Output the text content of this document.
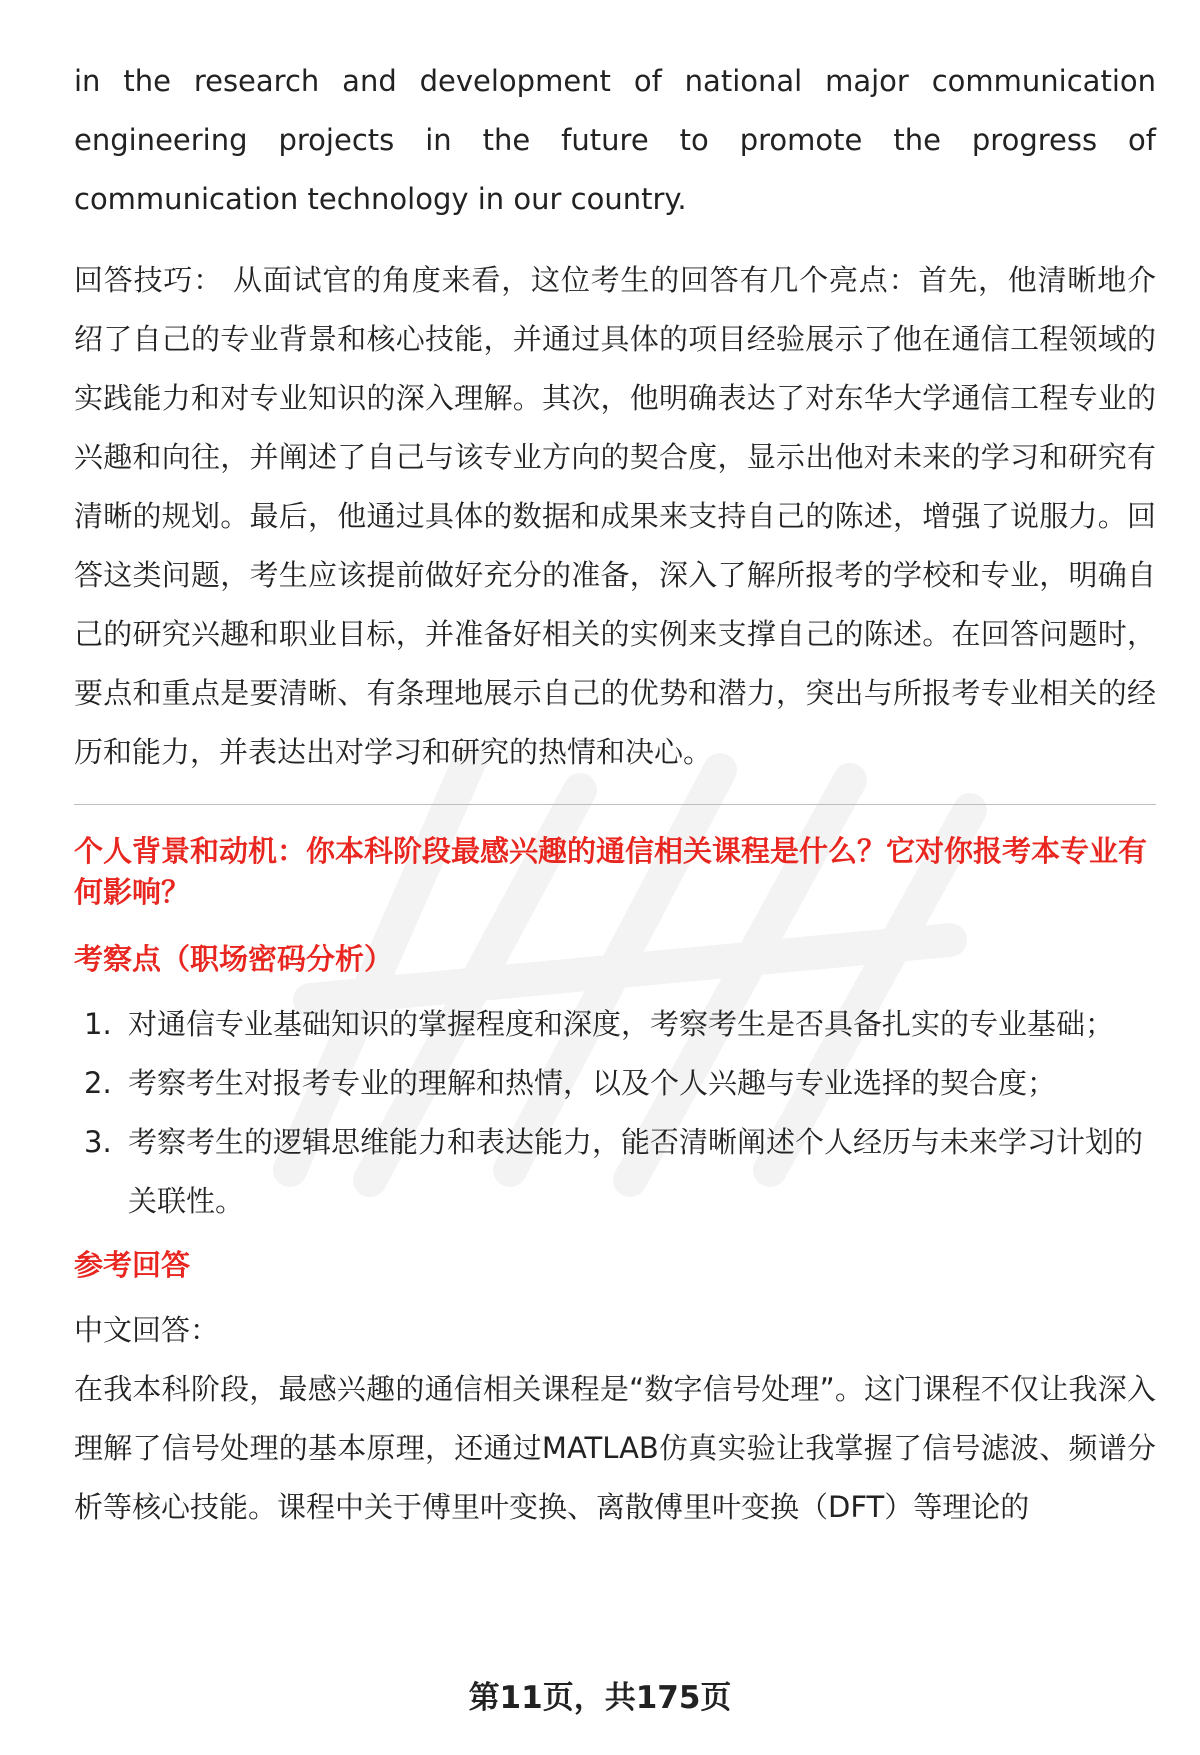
in the research and development of national major communication engineering projects in the future to promote the progress of communication technology in our country.

回答技巧： 从面试官的角度来看，这位考生的回答有几个亮点：首先，他清晰地介绍了自己的专业背景和核心技能，并通过具体的项目经验展示了他在通信工程领域的实践能力和对专业知识的深入理解。其次，他明确表达了对东华大学通信工程专业的兴趣和向往，并阐述了自己与该专业方向的契合度，显示出他对未来的学习和研究有清晰的规划。最后，他通过具体的数据和成果来支持自己的陈述，增强了说服力。回答这类问题，考生应该提前做好充分的准备，深入了解所报考的学校和专业，明确自己的研究兴趣和职业目标，并准备好相关的实例来支撑自己的陈述。在回答问题时，要点和重点是要清晰、有条理地展示自己的优势和潜力，突出与所报考专业相关的经历和能力，并表达出对学习和研究的热情和决心。

个人背景和动机：你本科阶段最感兴趣的通信相关课程是什么？它对你报考本专业有何影响？
考察点（职场密码分析）
1. 对通信专业基础知识的掌握程度和深度，考察考生是否具备扎实的专业基础；
2. 考察考生对报考专业的理解和热情，以及个人兴趣与专业选择的契合度；
3. 考察考生的逻辑思维能力和表达能力，能否清晰阐述个人经历与未来学习计划的关联性。
参考回答

中文回答：

在我本科阶段，最感兴趣的通信相关课程是“数字信号处理”。这门课程不仅让我深入理解了信号处理的基本原理，还通过MATLAB仿真实验让我掌握了信号滤波、频谱分析等核心技能。课程中关于傅里叶变换、离散傅里叶变换（DFT）等理论的

第11页，共175页
